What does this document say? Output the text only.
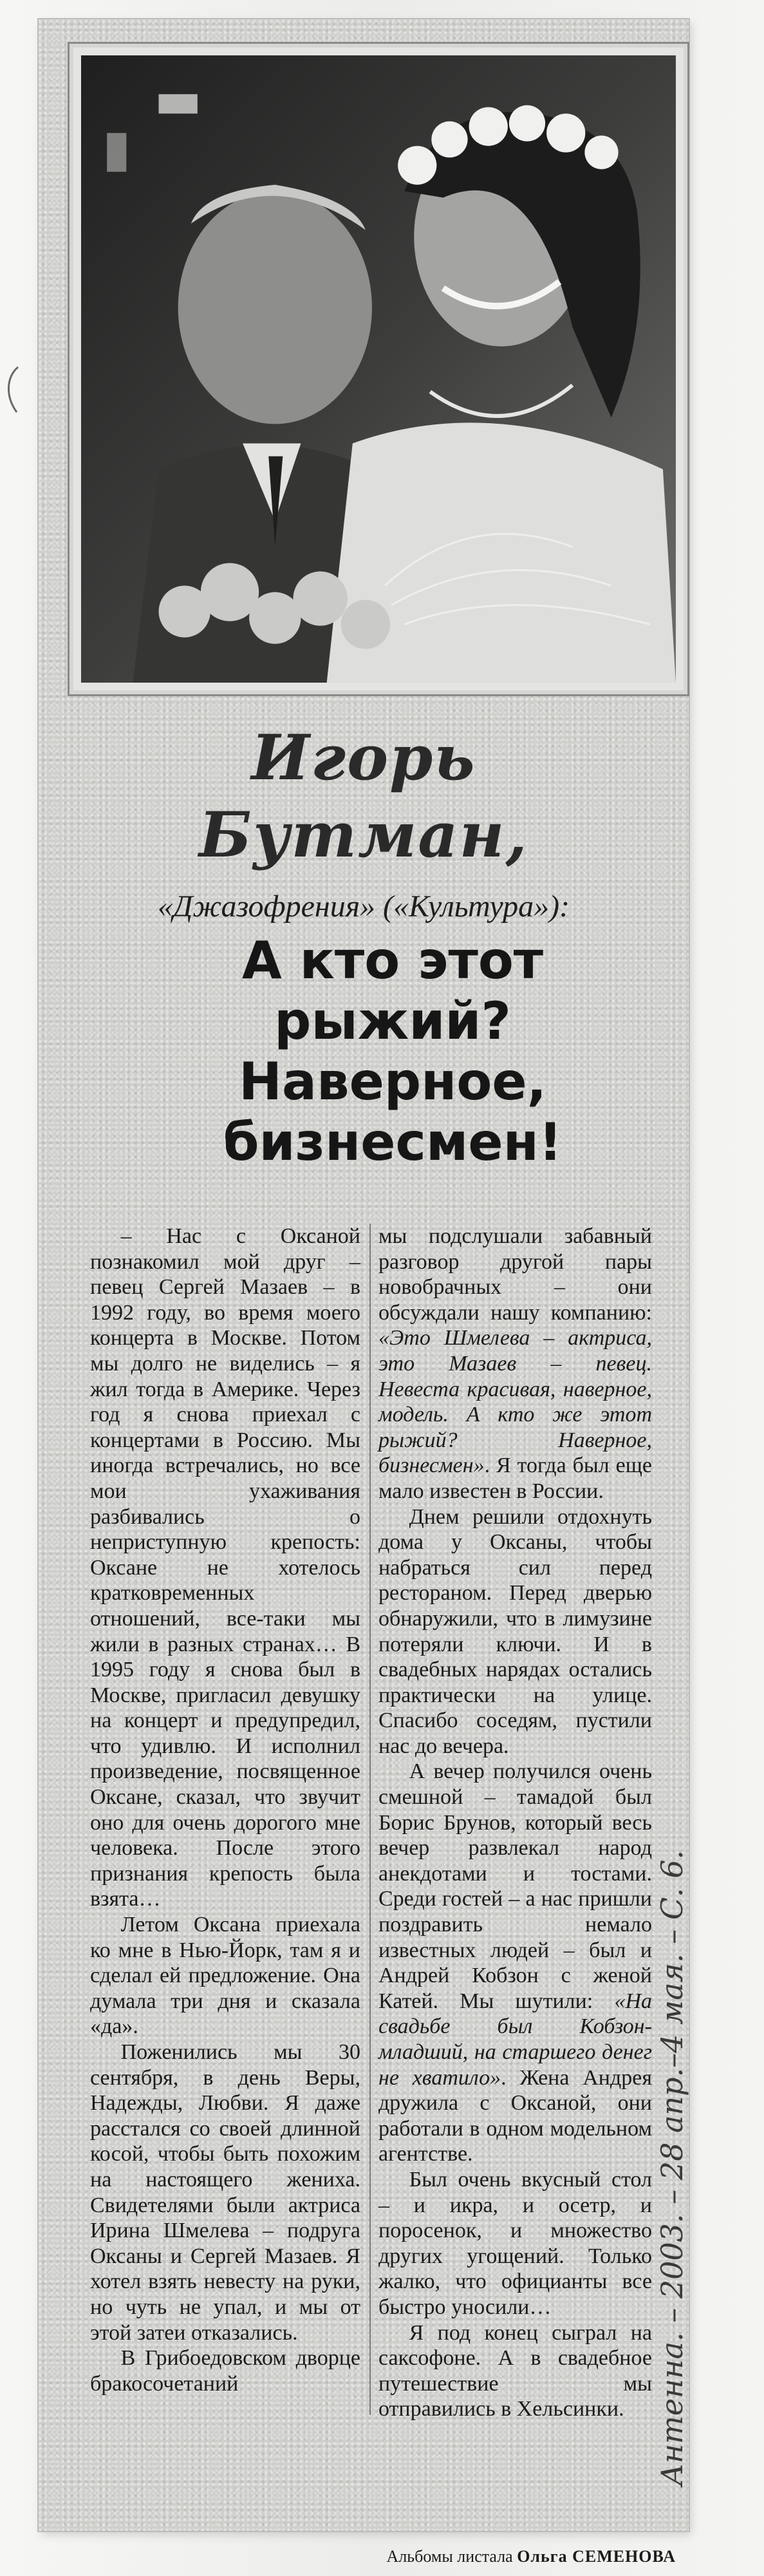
Игорь
Бутман,
«Джазофрения» («Культура»):
А кто этот
рыжий?
Наверное,
бизнесмен!

– Нас с Оксаной познакомил мой друг – певец Сергей Мазаев – в 1992 году, во время моего концерта в Москве. Потом мы долго не виделись – я жил тогда в Америке. Через год я снова приехал с концертами в Россию. Мы иногда встречались, но все мои ухаживания разбивались о неприступную крепость: Оксане не хотелось кратковременных отношений, все-таки мы жили в разных странах… В 1995 году я снова был в Москве, пригласил девушку на концерт и предупредил, что удивлю. И исполнил произведение, посвященное Оксане, сказал, что звучит оно для очень дорогого мне человека. После этого признания крепость была взята…

Летом Оксана приехала ко мне в Нью-Йорк, там я и сделал ей предложение. Она думала три дня и сказала «да».

Поженились мы 30 сентября, в день Веры, Надежды, Любви. Я даже расстался со своей длинной косой, чтобы быть похожим на настоящего жениха. Свидетелями были актриса Ирина Шмелева – подруга Оксаны и Сергей Мазаев. Я хотел взять невесту на руки, но чуть не упал, и мы от этой затеи отказались.

В Грибоедовском дворце бракосочетаний

мы подслушали забавный разговор другой пары новобрачных – они обсуждали нашу компанию: «Это Шмелева – актриса, это Мазаев – певец. Невеста красивая, наверное, модель. А кто же этот рыжий? Наверное, бизнесмен». Я тогда был еще мало известен в России.

Днем решили отдохнуть дома у Оксаны, чтобы набраться сил перед рестораном. Перед дверью обнаружили, что в лимузине потеряли ключи. И в свадебных нарядах остались практически на улице. Спасибо соседям, пустили нас до вечера.

А вечер получился очень смешной – тамадой был Борис Брунов, который весь вечер развлекал народ анекдотами и тостами. Среди гостей – а нас пришли поздравить немало известных людей – был и Андрей Кобзон с женой Катей. Мы шутили: «На свадьбе был Кобзон-младший, на старшего денег не хватило». Жена Андрея дружила с Оксаной, они работали в одном модельном агентстве.

Был очень вкусный стол – и икра, и осетр, и поросенок, и множество других угощений. Только жалко, что официанты все быстро уносили…

Я под конец сыграл на саксофоне. А в свадебное путешествие мы отправились в Хельсинки.	Антенна. – 2003. – 28 апр.–4 мая. – С. 6.
Альбомы листала Ольга СЕМЕНОВА
